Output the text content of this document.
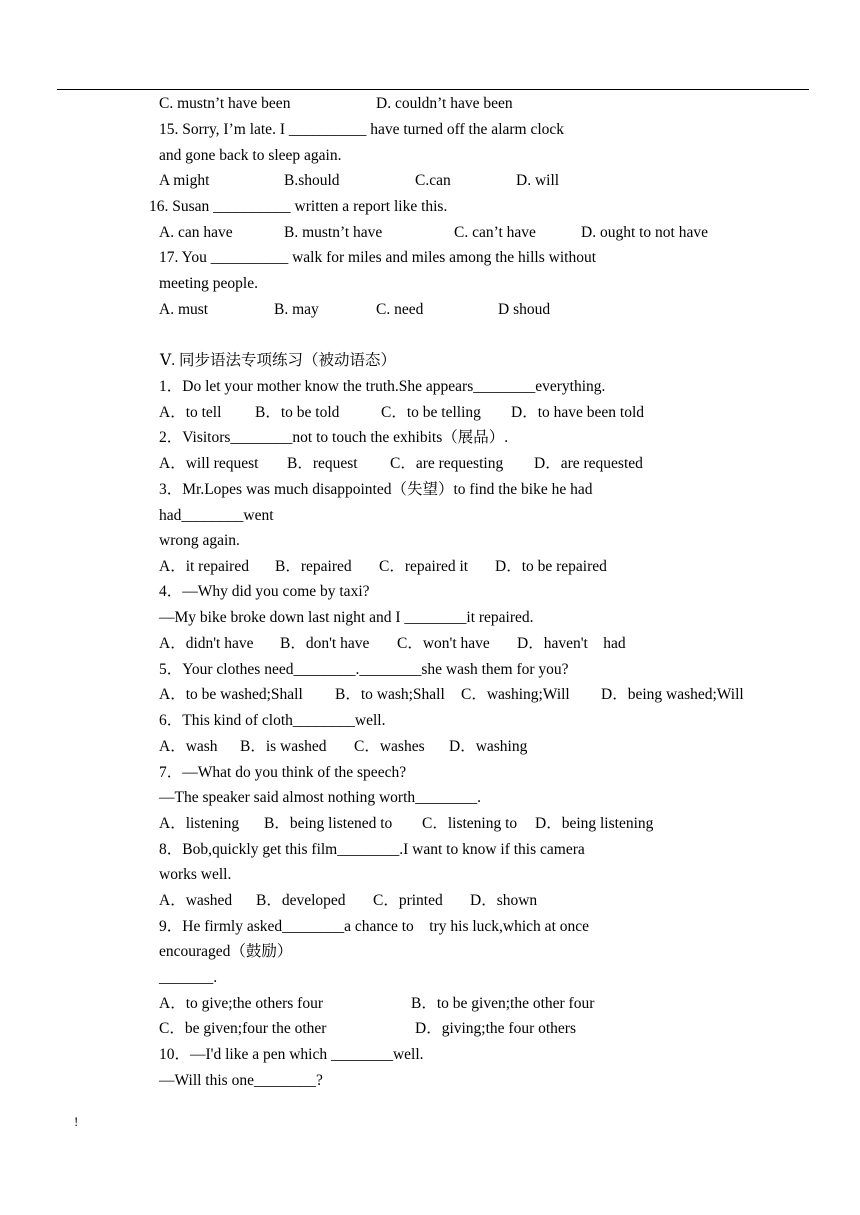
C. mustn’t have been	D. couldn’t have been
15. Sorry, I’m late. I __________ have turned off the alarm clock
and gone back to sleep again.
A might	B.should	C.can	D. will
16. Susan __________ written a report like this.
A. can have	B. mustn’t have	C. can’t have	D. ought to not have
17. You __________ walk for miles and miles among the hills without
meeting people.
A. must	B. may	C. need	D shoud
Ⅴ. 同步语法专项练习（被动语态）
1．Do let your mother know the truth.She appears________everything.
A．to tell B．to be told	C．to be telling D．to have been told
2．Visitors________not to touch the exhibits（展品）.
A．will request B．request C．are requesting D．are requested
3．Mr.Lopes was much disappointed（失望）to find the bike he had
had________went
wrong again.
A．it repaired B．repaired C．repaired it D．to be repaired
4．—Why did you come by taxi?
—My bike broke down last night and I ________it repaired.
A．didn't have B．don't have C．won't have D．haven't    had
5．Your clothes need________.________she wash them for you?
A．to be washed;Shall B．to wash;Shall C．washing;Will D．being washed;Will
6．This kind of cloth________well.
A．wash B．is washed C．washes D．washing
7．—What do you think of the speech?
—The speaker said almost nothing worth________.
A．listening B．being listened to C．listening to D．being listening
8．Bob,quickly get this film________.I want to know if this camera
works well.
A．washed B．developed C．printed D．shown
9．He firmly asked________a chance to    try his luck,which at once
encouraged（鼓励）
_______.
A．to give;the others four	B．to be given;the other four
C．be given;four the other	D．giving;the four others
10．—I'd like a pen which ________well.
—Will this one________?
!
